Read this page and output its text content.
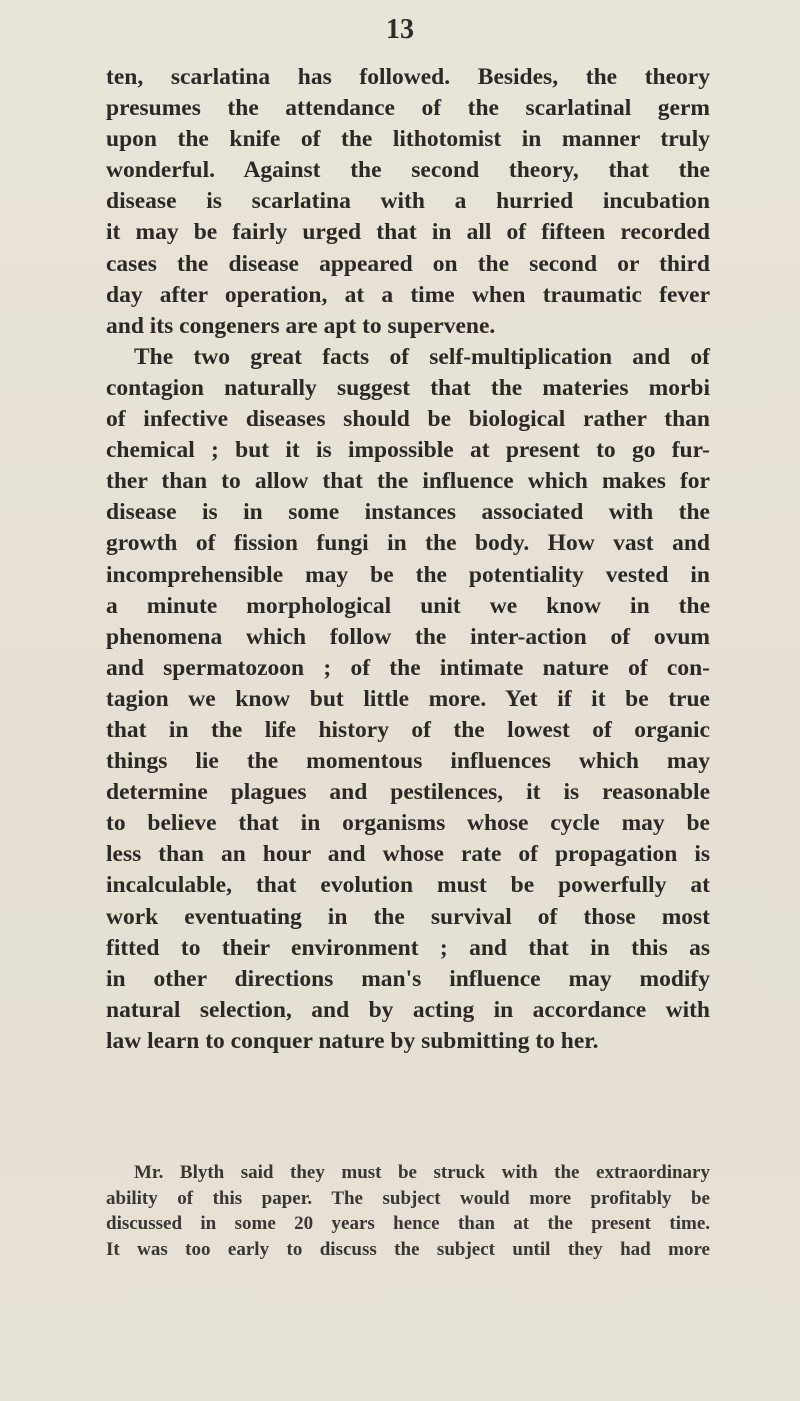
13
ten, scarlatina has followed. Besides, the theory
presumes the attendance of the scarlatinal germ
upon the knife of the lithotomist in manner truly
wonderful. Against the second theory, that the
disease is scarlatina with a hurried incubation
it may be fairly urged that in all of fifteen recorded
cases the disease appeared on the second or third
day after operation, at a time when traumatic fever
and its congeners are apt to supervene.
The two great facts of self-multiplication and of
contagion naturally suggest that the materies morbi
of infective diseases should be biological rather than
chemical ; but it is impossible at present to go fur-
ther than to allow that the influence which makes for
disease is in some instances associated with the
growth of fission fungi in the body. How vast and
incomprehensible may be the potentiality vested in
a minute morphological unit we know in the
phenomena which follow the inter-action of ovum
and spermatozoon ; of the intimate nature of con-
tagion we know but little more. Yet if it be true
that in the life history of the lowest of organic
things lie the momentous influences which may
determine plagues and pestilences, it is reasonable
to believe that in organisms whose cycle may be
less than an hour and whose rate of propagation is
incalculable, that evolution must be powerfully at
work eventuating in the survival of those most
fitted to their environment ; and that in this as
in other directions man's influence may modify
natural selection, and by acting in accordance with
law learn to conquer nature by submitting to her.
Mr. Blyth said they must be struck with the extraordinary
ability of this paper. The subject would more profitably be
discussed in some 20 years hence than at the present time.
It was too early to discuss the subject until they had more
